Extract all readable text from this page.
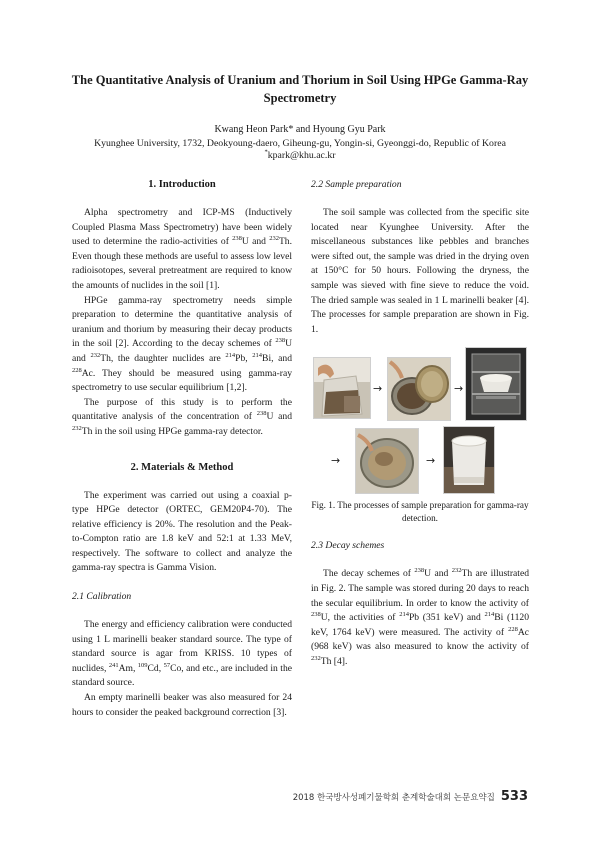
The Quantitative Analysis of Uranium and Thorium in Soil Using HPGe Gamma-Ray
Spectrometry
Kwang Heon Park* and Hyoung Gyu Park
Kyunghee University, 1732, Deokyoung-daero, Giheung-gu, Yongin-si, Gyeonggi-do, Republic of Korea
*kpark@khu.ac.kr
1. Introduction

Alpha spectrometry and ICP-MS (Inductively Coupled Plasma Mass Spectrometry) have been widely used to determine the radio-activities of $^{238}$U and $^{232}$Th. Even though these methods are useful to assess low level radioisotopes, several pretreatment are required to know the amounts of nuclides in the soil [1].

HPGe gamma-ray spectrometry needs simple preparation to determine the quantitative analysis of uranium and thorium by measuring their decay products in the soil [2]. According to the decay schemes of $^{238}$U and $^{232}$Th, the daughter nuclides are $^{214}$Pb, $^{214}$Bi, and $^{228}$Ac. They should be measured using gamma-ray spectrometry to use secular equilibrium [1,2].

The purpose of this study is to perform the quantitative analysis of the concentration of $^{238}$U and $^{232}$Th in the soil using HPGe gamma-ray detector.

2. Materials & Method

The experiment was carried out using a coaxial p-type HPGe detector (ORTEC, GEM20P4-70). The relative efficiency is 20%. The resolution and the Peak-to-Compton ratio are 1.8 keV and 52:1 at 1.33 MeV, respectively. The software to collect and analyze the gamma-ray spectra is Gamma Vision.

2.1 Calibration

The energy and efficiency calibration were conducted using 1 L marinelli beaker standard source. The type of standard source is agar from KRISS. 10 types of nuclides, $^{241}$Am, $^{109}$Cd, $^{57}$Co, and etc., are included in the standard source.

An empty marinelli beaker was also measured for 24 hours to consider the peaked background correction [3].

2.2 Sample preparation

The soil sample was collected from the specific site located near Kyunghee University. After the miscellaneous substances like pebbles and branches were sifted out, the sample was dried in the drying oven at 150°C for 50 hours. Following the dryness, the sample was sieved with fine sieve to reduce the void. The dried sample was sealed in 1 L marinelli beaker [4]. The processes for sample preparation are shown in Fig. 1.

→	→
→	→
Fig. 1. The processes of sample preparation for gamma-ray detection.
2.3 Decay schemes

The decay schemes of $^{238}$U and $^{232}$Th are illustrated in Fig. 2. The sample was stored during 20 days to reach the secular equilibrium. In order to know the activity of $^{238}$U, the activities of $^{214}$Pb (351 keV) and $^{214}$Bi (1120 keV, 1764 keV) were measured. The activity of $^{228}$Ac (968 keV) was also measured to know the activity of $^{232}$Th [4].

2018 한국방사성폐기물학회 춘계학술대회 논문요약집 533
